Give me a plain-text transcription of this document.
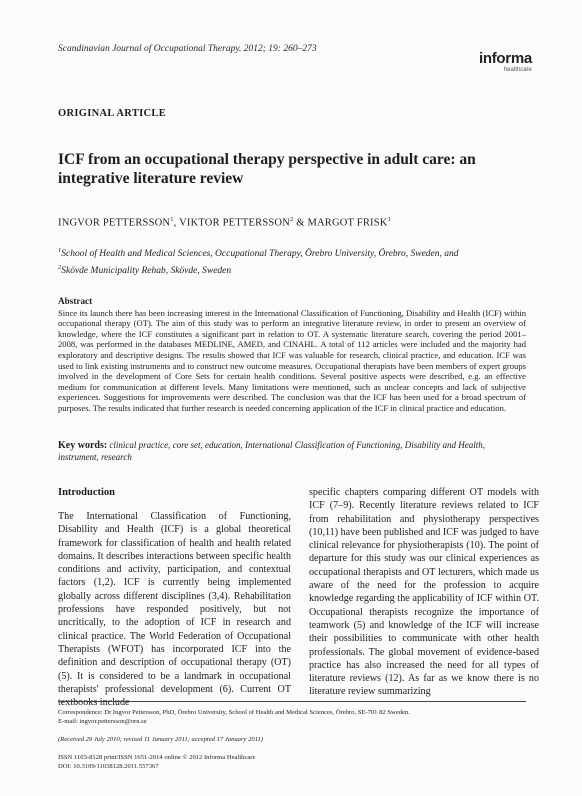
Scandinavian Journal of Occupational Therapy. 2012; 19: 260–273
informa
healthcare
ORIGINAL ARTICLE
ICF from an occupational therapy perspective in adult care: an integrative literature review
INGVOR PETTERSSON$^1$, VIKTOR PETTERSSON$^2$ & MARGOT FRISK$^1$
$^1$School of Health and Medical Sciences, Occupational Therapy, Örebro University, Örebro, Sweden, and
$^2$Skövde Municipality Rehab, Skövde, Sweden
Abstract
Since its launch there has been increasing interest in the International Classification of Functioning, Disability and Health (ICF) within occupational therapy (OT). The aim of this study was to perform an integrative literature review, in order to present an overview of knowledge, where the ICF constitutes a significant part in relation to OT. A systematic literature search, covering the period 2001–2008, was performed in the databases MEDLINE, AMED, and CINAHL. A total of 112 articles were included and the majority had exploratory and descriptive designs. The results showed that ICF was valuable for research, clinical practice, and education. ICF was used to link existing instruments and to construct new outcome measures. Occupational therapists have been members of expert groups involved in the development of Core Sets for certain health conditions. Several positive aspects were described, e.g. an effective medium for communication at different levels. Many limitations were mentioned, such as unclear concepts and lack of subjective experiences. Suggestions for improvements were described. The conclusion was that the ICF has been used for a broad spectrum of purposes. The results indicated that further research is needed concerning application of the ICF in clinical practice and education.
Key words: clinical practice, core set, education, International Classification of Functioning, Disability and Health, instrument, research
Introduction
The International Classification of Functioning, Disability and Health (ICF) is a global theoretical framework for classification of health and health related domains. It describes interactions between specific health conditions and activity, participation, and contextual factors (1,2). ICF is currently being implemented globally across different disciplines (3,4). Rehabilitation professions have responded positively, but not uncritically, to the adoption of ICF in research and clinical practice. The World Federation of Occupational Therapists (WFOT) has incorporated ICF into the definition and description of occupational therapy (OT) (5). It is considered to be a landmark in occupational therapists' professional development (6). Current OT textbooks include
specific chapters comparing different OT models with ICF (7–9). Recently literature reviews related to ICF from rehabilitation and physiotherapy perspectives (10,11) have been published and ICF was judged to have clinical relevance for physiotherapists (10). The point of departure for this study was our clinical experiences as occupational therapists and OT lecturers, which made us aware of the need for the profession to acquire knowledge regarding the applicability of ICF within OT. Occupational therapists recognize the importance of teamwork (5) and knowledge of the ICF will increase their possibilities to communicate with other health professionals. The global movement of evidence-based practice has also increased the need for all types of literature reviews (12). As far as we know there is no literature review summarizing
Correspondence: Dr Ingvor Pettersson, PhD, Örebro University, School of Health and Medical Sciences, Örebro, SE-701 82 Sweden.
E-mail: ingvor.pettersson@oru.se
(Received 29 July 2010; revised 11 January 2011; accepted 17 January 2011)
ISSN 1103-8128 print/ISSN 1651-2014 online © 2012 Informa Healthcare
DOI: 10.3109/11038128.2011.557367
